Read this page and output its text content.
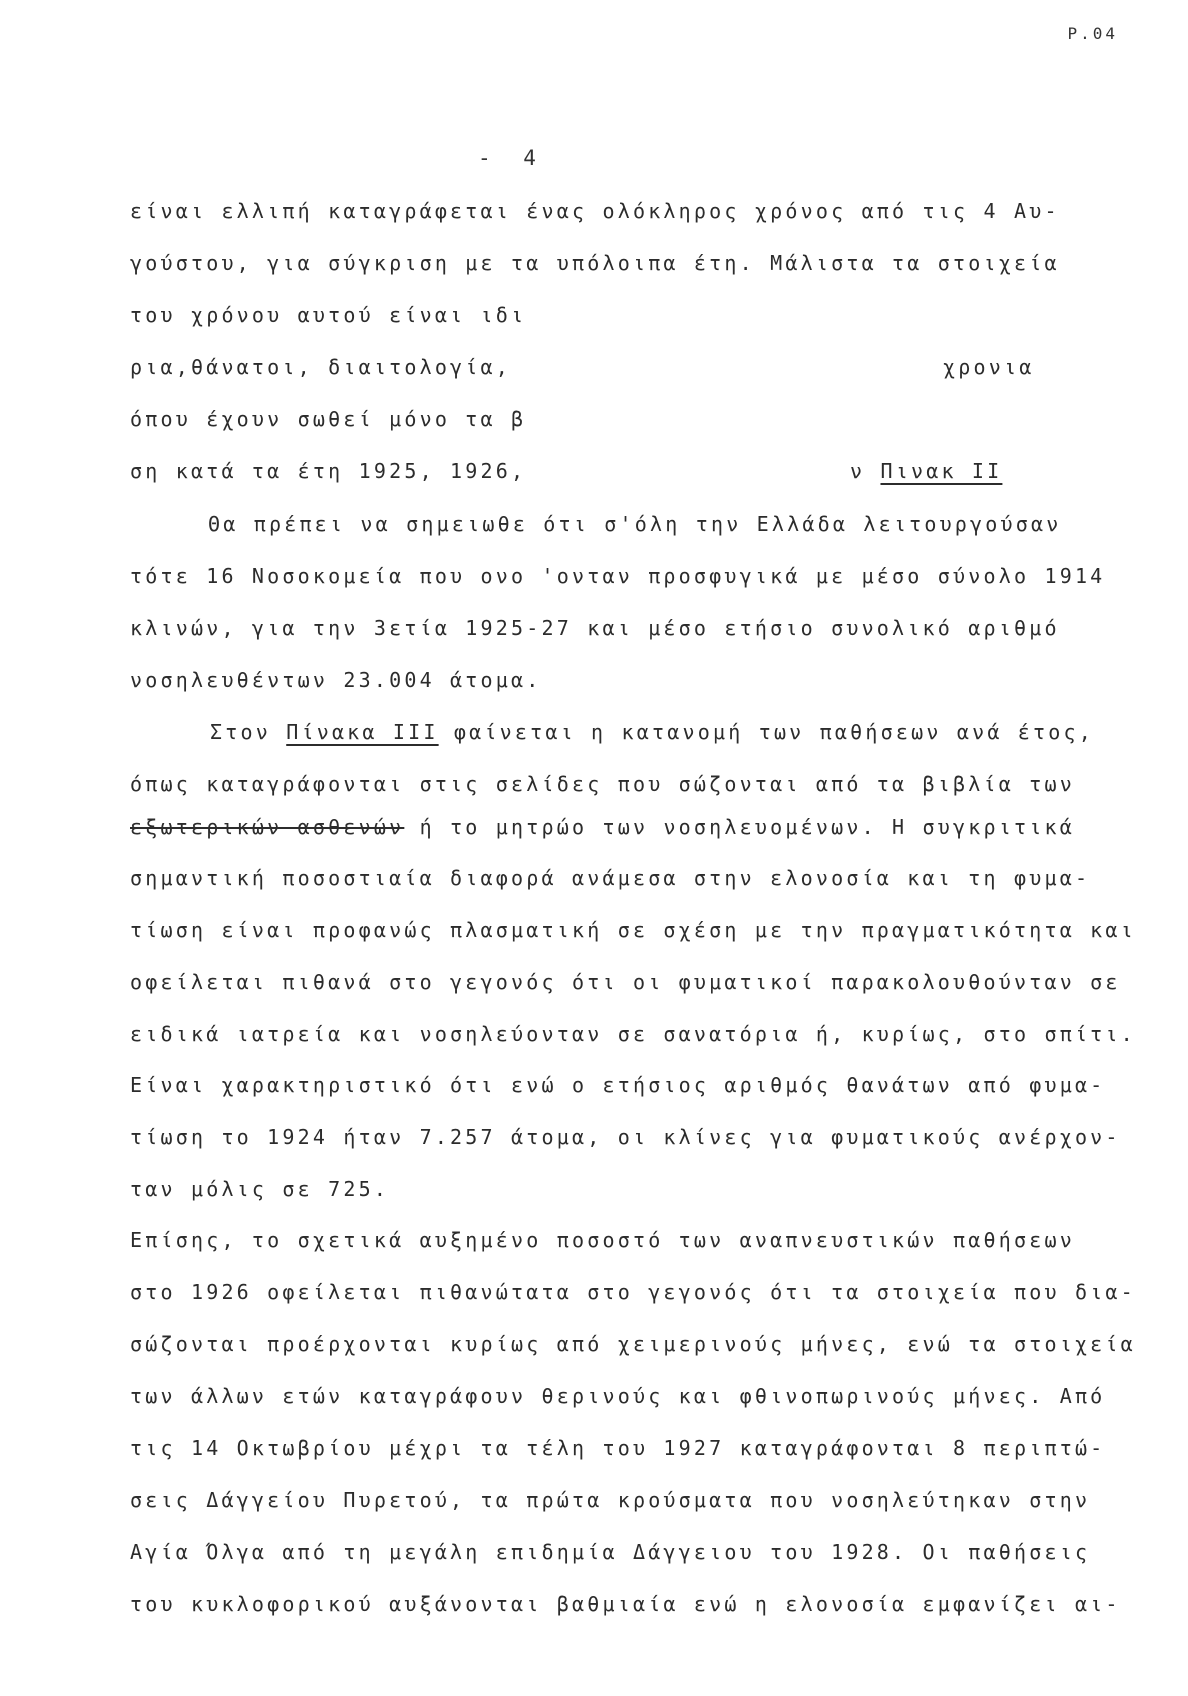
P.04
- 4
είναι ελλιπή καταγράφεται ένας ολόκληρος χρόνος από τις 4 Αυ-
γούστου, για σύγκριση με τα υπόλοιπα έτη. Μάλιστα τα στοιχεία
του χρόνου αυτού είναι ιδι
ρια,θάνατοι, διαιτολογία,	χρονια
όπου έχουν σωθεί μόνο τα β
ση κατά τα έτη 1925, 1926,	ν Πινακ ΙΙ
Θα πρέπει να σημειωθε ότι σ'όλη την Ελλάδα λειτουργούσαν
τότε 16 Νοσοκομεία που ονο 'ονταν προσφυγικά με μέσο σύνολο 1914
κλινών, για την 3ετία 1925-27 και μέσο ετήσιο συνολικό αριθμό
νοσηλευθέντων 23.004 άτομα.
Στον Πίνακα ΙΙΙ φαίνεται η κατανομή των παθήσεων ανά έτος,
όπως καταγράφονται στις σελίδες που σώζονται από τα βιβλία των
εξωτερικών ασθενών ή το μητρώο των νοσηλευομένων. Η συγκριτικά
σημαντική ποσοστιαία διαφορά ανάμεσα στην ελονοσία και τη φυμα-
τίωση είναι προφανώς πλασματική σε σχέση με την πραγματικότητα και
οφείλεται πιθανά στο γεγονός ότι οι φυματικοί παρακολουθούνταν σε
ειδικά ιατρεία και νοσηλεύονταν σε σανατόρια ή, κυρίως, στο σπίτι.
Είναι χαρακτηριστικό ότι ενώ ο ετήσιος αριθμός θανάτων από φυμα-
τίωση το 1924 ήταν 7.257 άτομα, οι κλίνες για φυματικούς ανέρχον-
ταν μόλις σε 725.
Επίσης, το σχετικά αυξημένο ποσοστό των αναπνευστικών παθήσεων
στο 1926 οφείλεται πιθανώτατα στο γεγονός ότι τα στοιχεία που δια-
σώζονται προέρχονται κυρίως από χειμερινούς μήνες, ενώ τα στοιχεία
των άλλων ετών καταγράφουν θερινούς και φθινοπωρινούς μήνες. Από
τις 14 Οκτωβρίου μέχρι τα τέλη του 1927 καταγράφονται 8 περιπτώ-
σεις Δάγγείου Πυρετού, τα πρώτα κρούσματα που νοσηλεύτηκαν στην
Αγία Όλγα από τη μεγάλη επιδημία Δάγγειου του 1928. Οι παθήσεις
του κυκλοφορικού αυξάνονται βαθμιαία ενώ η ελονοσία εμφανίζει αι-
